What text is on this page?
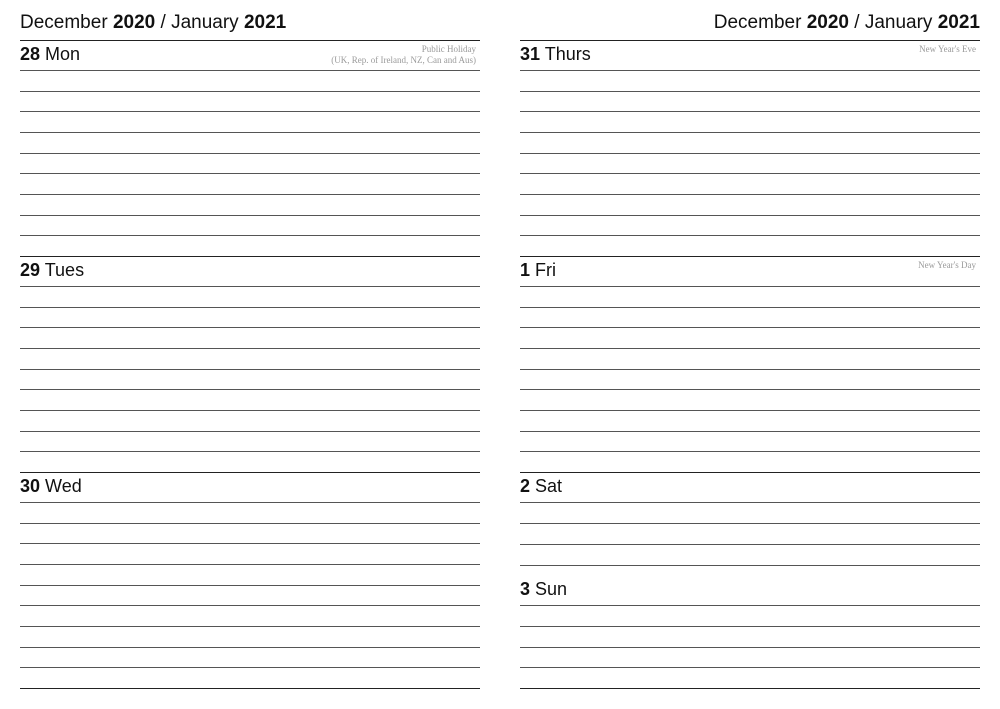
December 2020 / January 2021
28 Mon	Public Holiday
(UK, Rep. of Ireland, NZ, Can and Aus)
29 Tues
30 Wed
December 2020 / January 2021
31 Thurs	New Year's Eve
1 Fri	New Year's Day
2 Sat
3 Sun
